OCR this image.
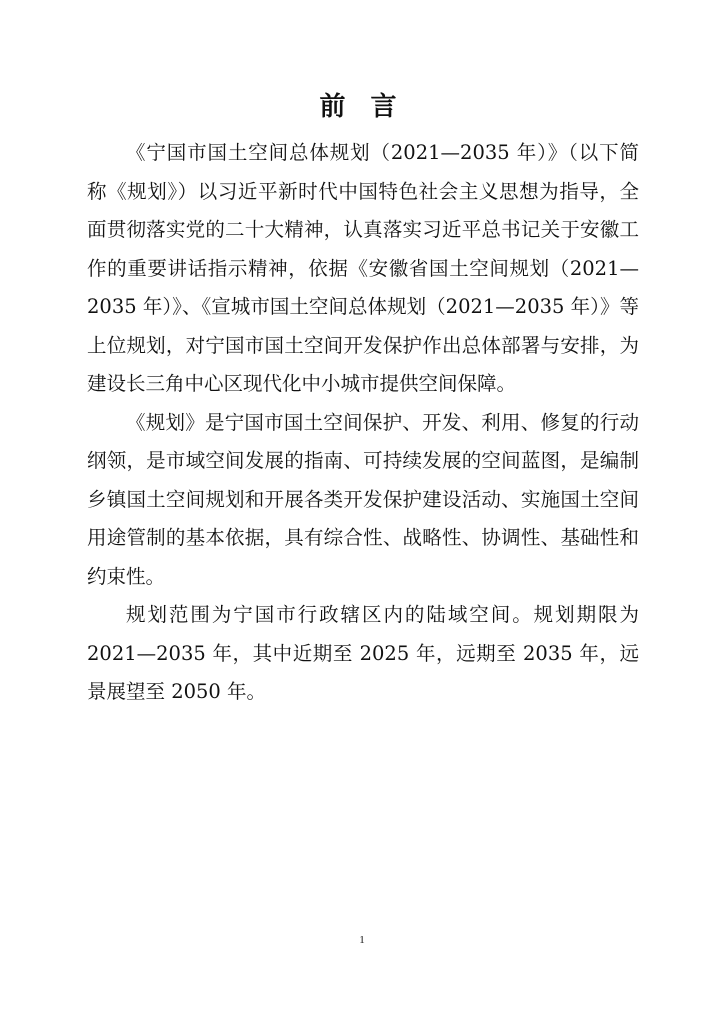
前 言

《宁国市国土空间总体规划（2021—2035 年）》（以下简称《规划》）以习近平新时代中国特色社会主义思想为指导，全面贯彻落实党的二十大精神，认真落实习近平总书记关于安徽工作的重要讲话指示精神，依据《安徽省国土空间规划（2021—2035 年）》、《宣城市国土空间总体规划（2021—2035 年）》等上位规划，对宁国市国土空间开发保护作出总体部署与安排，为建设长三角中心区现代化中小城市提供空间保障。

《规划》是宁国市国土空间保护、开发、利用、修复的行动纲领，是市域空间发展的指南、可持续发展的空间蓝图，是编制乡镇国土空间规划和开展各类开发保护建设活动、实施国土空间用途管制的基本依据，具有综合性、战略性、协调性、基础性和约束性。

规划范围为宁国市行政辖区内的陆域空间。规划期限为2021—2035 年，其中近期至 2025 年，远期至 2035 年，远景展望至 2050 年。

1
